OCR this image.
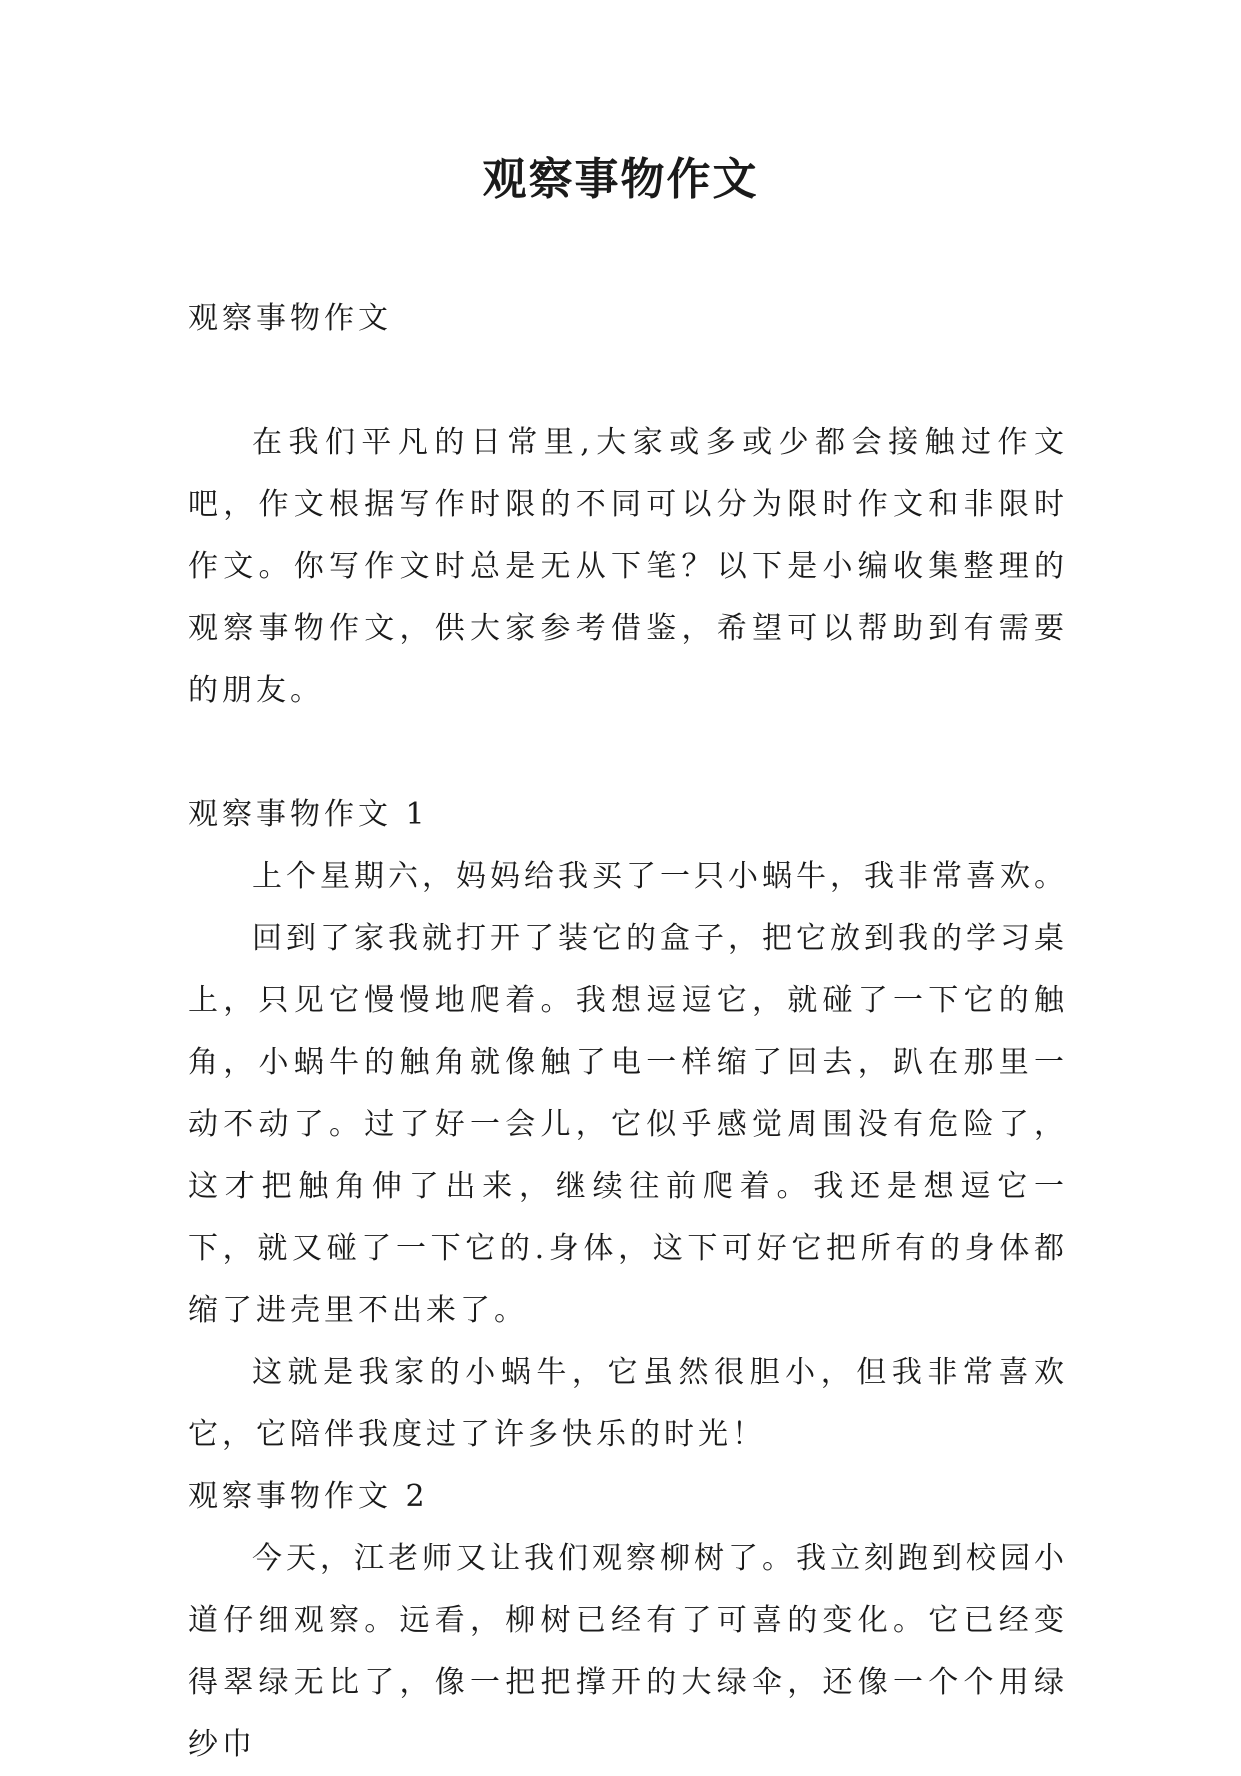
观察事物作文

观察事物作文

在我们平凡的日常里,大家或多或少都会接触过作文吧，作文根据写作时限的不同可以分为限时作文和非限时作文。你写作文时总是无从下笔？以下是小编收集整理的观察事物作文，供大家参考借鉴，希望可以帮助到有需要的朋友。

观察事物作文 1

上个星期六，妈妈给我买了一只小蜗牛，我非常喜欢。

回到了家我就打开了装它的盒子，把它放到我的学习桌上，只见它慢慢地爬着。我想逗逗它，就碰了一下它的触角，小蜗牛的触角就像触了电一样缩了回去，趴在那里一动不动了。过了好一会儿，它似乎感觉周围没有危险了，这才把触角伸了出来，继续往前爬着。我还是想逗它一下，就又碰了一下它的.身体，这下可好它把所有的身体都缩了进壳里不出来了。

这就是我家的小蜗牛，它虽然很胆小，但我非常喜欢它，它陪伴我度过了许多快乐的时光！

观察事物作文 2

今天，江老师又让我们观察柳树了。我立刻跑到校园小道仔细观察。远看，柳树已经有了可喜的变化。它已经变得翠绿无比了，像一把把撑开的大绿伞，还像一个个用绿纱巾
